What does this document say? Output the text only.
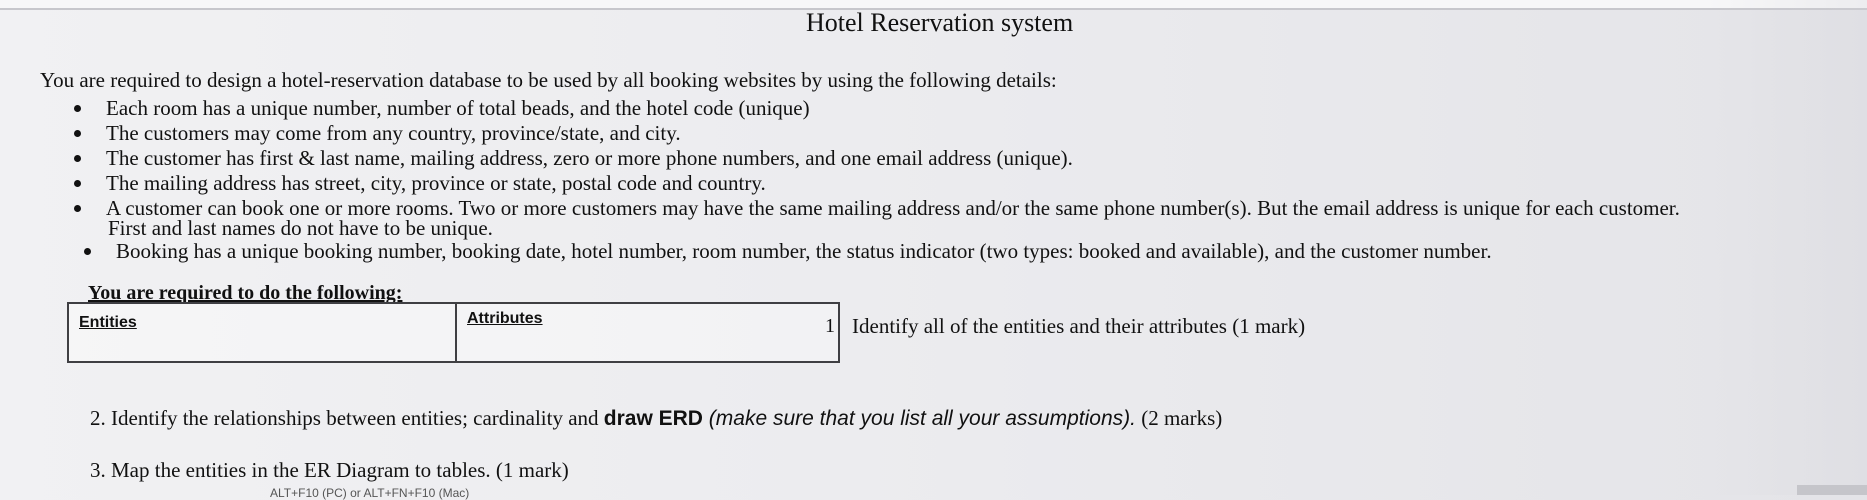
Hotel Reservation system
You are required to design a hotel-reservation database to be used by all booking websites by using the following details:
Each room has a unique number, number of total beads, and the hotel code (unique)
The customers may come from any country, province/state, and city.
The customer has first & last name, mailing address, zero or more phone numbers, and one email address (unique).
The mailing address has street, city, province or state, postal code and country.
A customer can book one or more rooms. Two or more customers may have the same mailing address and/or the same phone number(s). But the email address is unique for each customer.
First and last names do not have to be unique.
Booking has a unique booking number, booking date, hotel number, room number, the status indicator (two types: booked and available), and the customer number.
You are required to do the following:
Entities	Attributes	1 Identify all of the entities and their attributes (1 mark)
2. Identify the relationships between entities; cardinality and draw ERD (make sure that you list all your assumptions). (2 marks)
3. Map the entities in the ER Diagram to tables. (1 mark)
ALT+F10 (PC) or ALT+FN+F10 (Mac)
